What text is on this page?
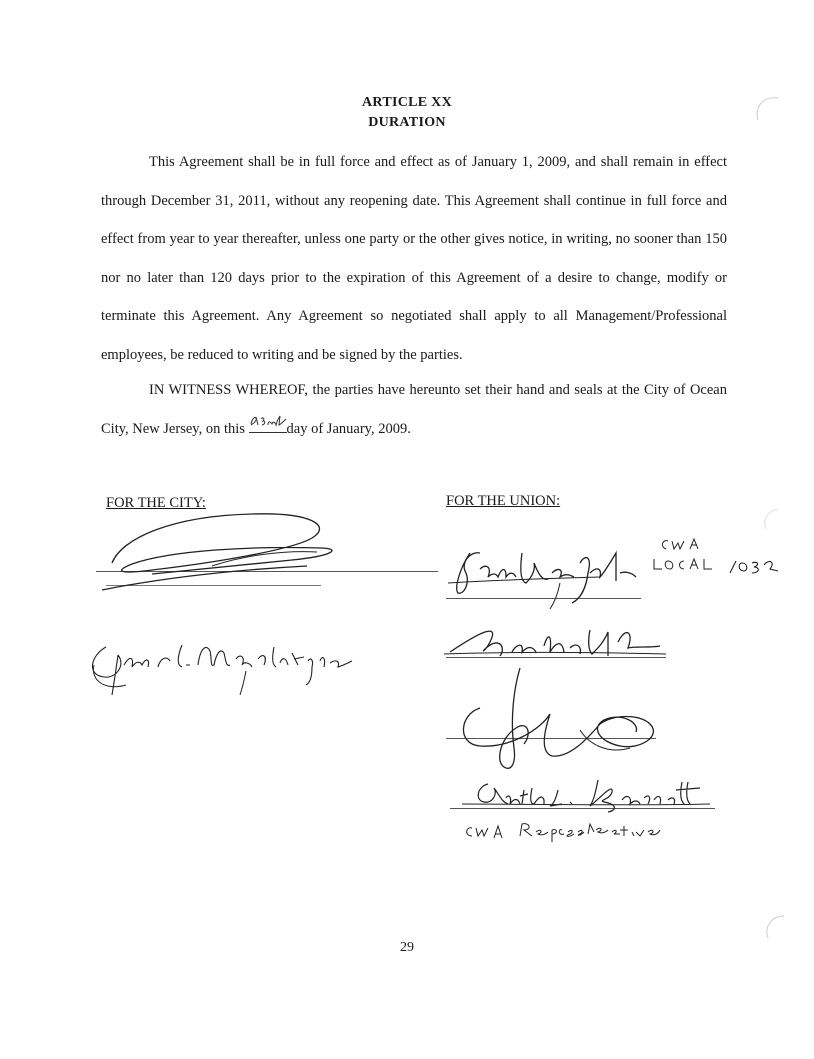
ARTICLE XX
DURATION
This Agreement shall be in full force and effect as of January 1, 2009, and shall remain in effect through December 31, 2011, without any reopening date. This Agreement shall continue in full force and effect from year to year thereafter, unless one party or the other gives notice, in writing, no sooner than 150 nor no later than 120 days prior to the expiration of this Agreement of a desire to change, modify or terminate this Agreement. Any Agreement so negotiated shall apply to all Management/Professional employees, be reduced to writing and be signed by the parties.
IN WITNESS WHEREOF, the parties have hereunto set their hand and seals at the City of Ocean City, New Jersey, on this	day of January, 2009.
FOR THE CITY:	FOR THE UNION:
29
